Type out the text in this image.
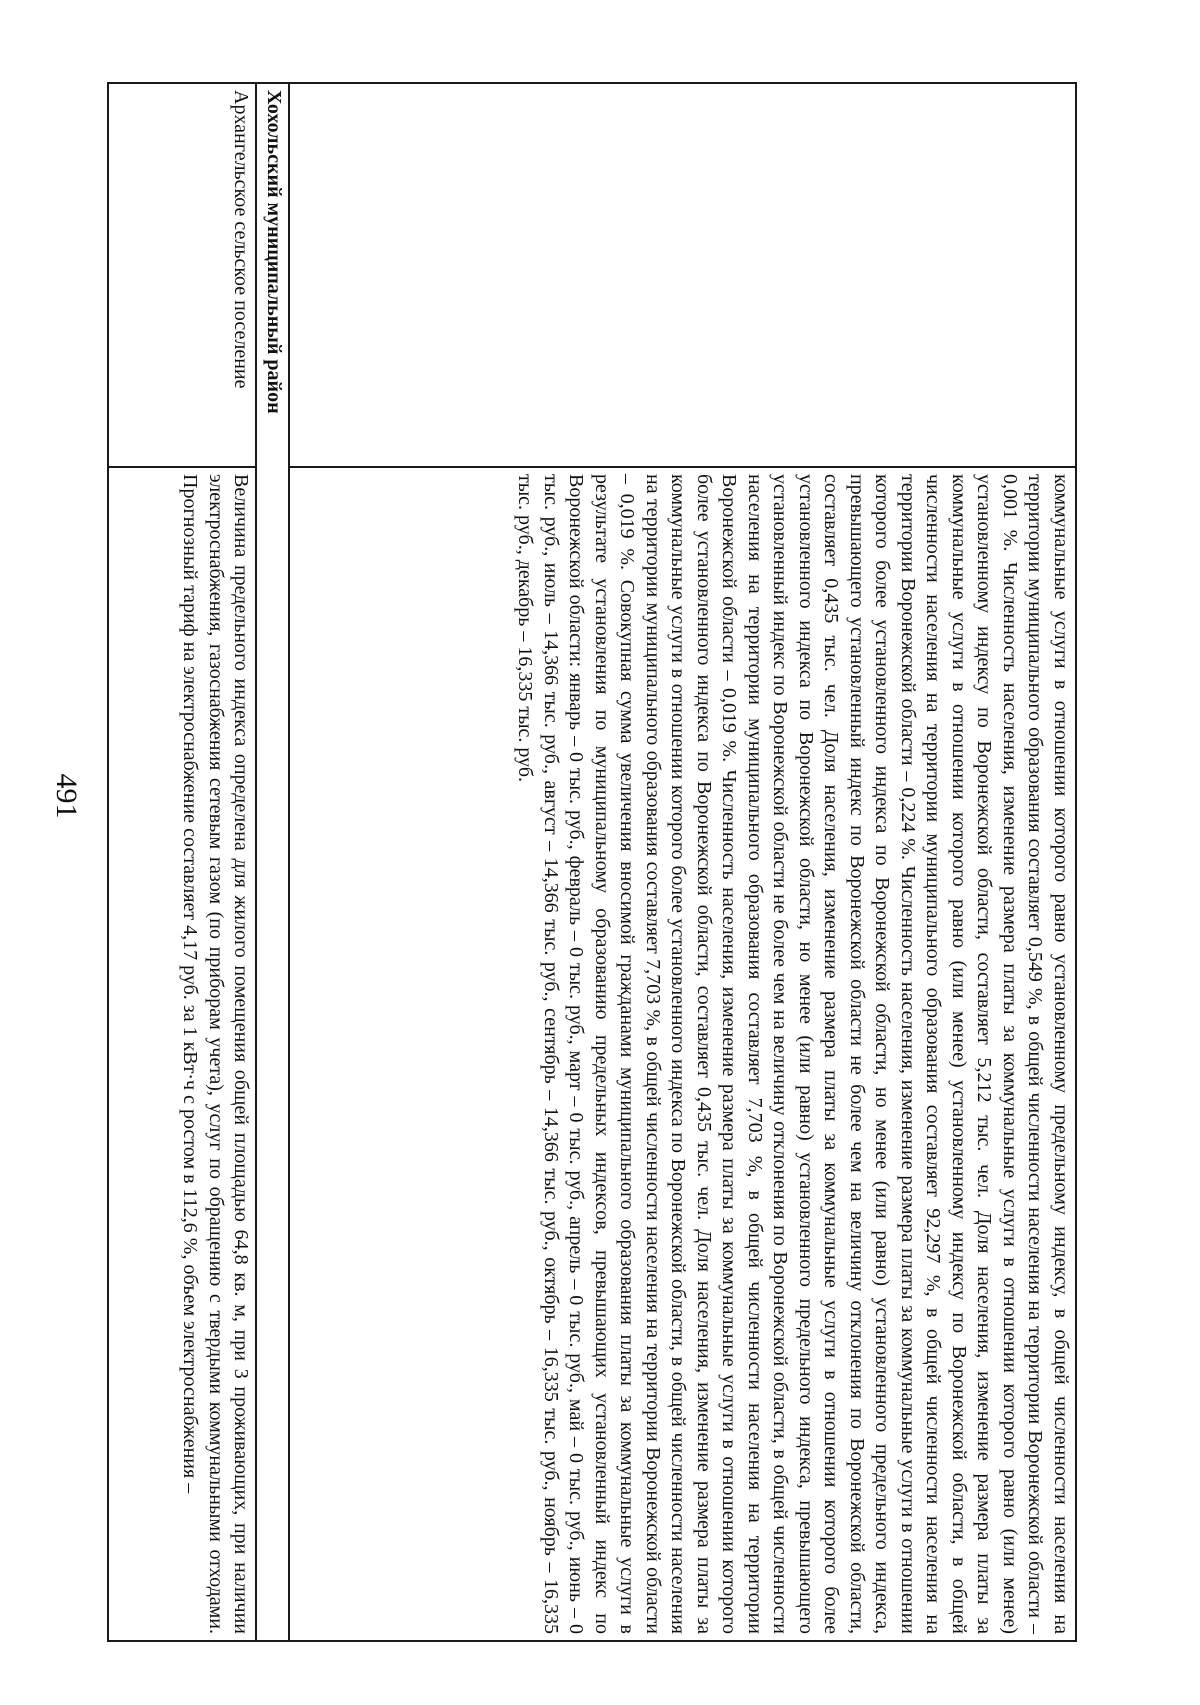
491
		коммунальные услуги в отношении которого равно установленному предельному индексу, в общей численности населения на территории муниципального образования составляет 0,549 %, в общей численности населения на территории Воронежской области – 0,001 %. Численность населения, изменение размера платы за коммунальные услуги в отношении которого равно (или менее) установленному индексу по Воронежской области, составляет 5,212 тыс. чел. Доля населения, изменение размера платы за коммунальные услуги в отношении которого равно (или менее) установленному индексу по Воронежской области, в общей численности населения на территории муниципального образования составляет 92,297 %, в общей численности населения на территории Воронежской области – 0,224 %. Численность населения, изменение размера платы за коммунальные услуги в отношении которого более установленного индекса по Воронежской области, но менее (или равно) установленного предельного индекса, превышающего установленный индекс по Воронежской области не более чем на величину отклонения по Воронежской области, составляет 0,435 тыс. чел. Доля населения, изменение размера платы за коммунальные услуги в отношении которого более установленного индекса по Воронежской области, но менее (или равно) установленного предельного индекса, превышающего установленный индекс по Воронежской области не более чем на величину отклонения по Воронежской области, в общей численности населения на территории муниципального образования составляет 7,703 %, в общей численности населения на территории Воронежской области – 0,019 %. Численность населения, изменение размера платы за коммунальные услуги в отношении которого более установленного индекса по Воронежской области, составляет 0,435 тыс. чел. Доля населения, изменение размера платы за коммунальные услуги в отношении которого более установленного индекса по Воронежской области, в общей численности населения на территории муниципального образования составляет 7,703 %, в общей численности населения на территории Воронежской области – 0,019 %. Совокупная сумма увеличения вносимой гражданами муниципального образования платы за коммунальные услуги в результате установления по муниципальному образованию предельных индексов, превышающих установленный индекс по Воронежской области: январь – 0 тыс. руб., февраль – 0 тыс. руб., март – 0 тыс. руб., апрель – 0 тыс. руб., май – 0 тыс. руб., июнь – 0 тыс. руб., июль – 14,366 тыс. руб., август – 14,366 тыс. руб., сентябрь – 14,366 тыс. руб., октябрь – 16,335 тыс. руб., ноябрь – 16,335 тыс. руб., декабрь – 16,335 тыс. руб.
Хохольский муниципальный район	
Архангельское сельское поселение	Величина предельного индекса определена для жилого помещения общей площадью 64,8 кв. м, при 3 проживающих, при наличии электроснабжения, газоснабжения сетевым газом (по приборам учета), услуг по обращению с твердыми коммунальными отходами. Прогнозный тариф на электроснабжение составляет 4,17 руб. за 1 кВт·ч с ростом в 112,6 %, объем электроснабжения –
